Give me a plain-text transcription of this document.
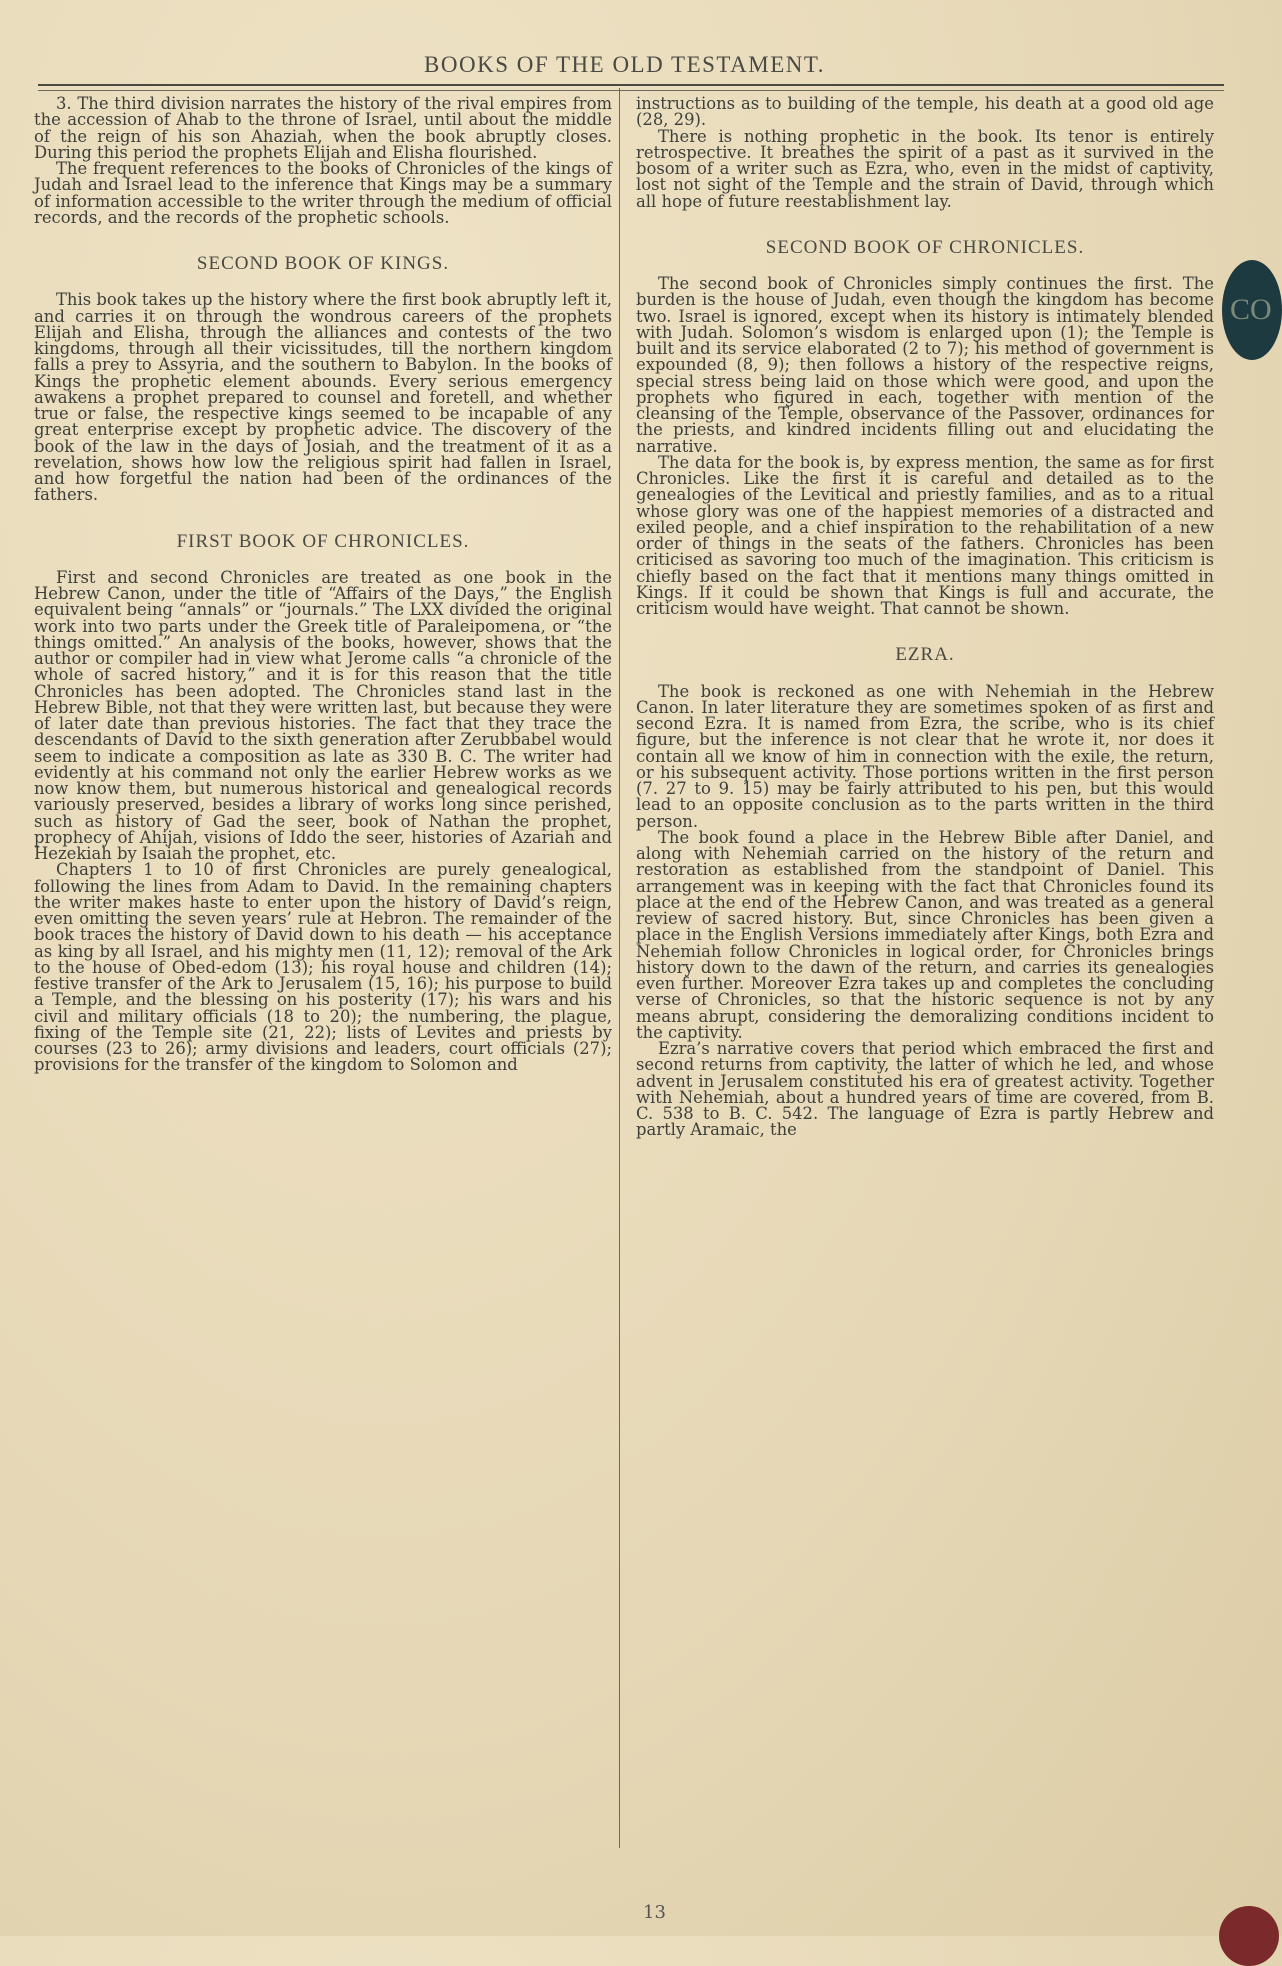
BOOKS OF THE OLD TESTAMENT.

3. The third division narrates the history of the rival empires from the accession of Ahab to the throne of Israel, until about the middle of the reign of his son Ahaziah, when the book abruptly closes. During this period the prophets Elijah and Elisha flourished.

The frequent references to the books of Chronicles of the kings of Judah and Israel lead to the inference that Kings may be a summary of information accessible to the writer through the medium of official records, and the records of the prophetic schools.

SECOND BOOK OF KINGS.

This book takes up the history where the first book abruptly left it, and carries it on through the wondrous careers of the prophets Elijah and Elisha, through the alliances and contests of the two kingdoms, through all their vicissitudes, till the northern kingdom falls a prey to Assyria, and the southern to Babylon. In the books of Kings the prophetic element abounds. Every serious emergency awakens a prophet prepared to counsel and foretell, and whether true or false, the respective kings seemed to be incapable of any great enterprise except by prophetic advice. The discovery of the book of the law in the days of Josiah, and the treatment of it as a revelation, shows how low the religious spirit had fallen in Israel, and how forgetful the nation had been of the ordinances of the fathers.

FIRST BOOK OF CHRONICLES.

First and second Chronicles are treated as one book in the Hebrew Canon, under the title of “Affairs of the Days,” the English equivalent being “annals” or “journals.” The LXX divided the original work into two parts under the Greek title of Paraleipomena, or “the things omitted.” An analysis of the books, however, shows that the author or compiler had in view what Jerome calls “a chronicle of the whole of sacred history,” and it is for this reason that the title Chronicles has been adopted. The Chronicles stand last in the Hebrew Bible, not that they were written last, but because they were of later date than previous histories. The fact that they trace the descendants of David to the sixth generation after Zerubbabel would seem to indicate a composition as late as 330 B. C. The writer had evidently at his command not only the earlier Hebrew works as we now know them, but numerous historical and genealogical records variously preserved, besides a library of works long since perished, such as history of Gad the seer, book of Nathan the prophet, prophecy of Ahijah, visions of Iddo the seer, histories of Azariah and Hezekiah by Isaiah the prophet, etc.

Chapters 1 to 10 of first Chronicles are purely genealogical, following the lines from Adam to David. In the remaining chapters the writer makes haste to enter upon the history of David’s reign, even omitting the seven years’ rule at Hebron. The remainder of the book traces the history of David down to his death — his acceptance as king by all Israel, and his mighty men (11, 12); removal of the Ark to the house of Obed-edom (13); his royal house and children (14); festive transfer of the Ark to Jerusalem (15, 16); his purpose to build a Temple, and the blessing on his posterity (17); his wars and his civil and military officials (18 to 20); the numbering, the plague, fixing of the Temple site (21, 22); lists of Levites and priests by courses (23 to 26); army divisions and leaders, court officials (27); provisions for the transfer of the kingdom to Solomon and

instructions as to building of the temple, his death at a good old age (28, 29).

There is nothing prophetic in the book. Its tenor is entirely retrospective. It breathes the spirit of a past as it survived in the bosom of a writer such as Ezra, who, even in the midst of captivity, lost not sight of the Temple and the strain of David, through which all hope of future reestablishment lay.

SECOND BOOK OF CHRONICLES.

The second book of Chronicles simply continues the first. The burden is the house of Judah, even though the kingdom has become two. Israel is ignored, except when its history is intimately blended with Judah. Solomon’s wisdom is enlarged upon (1); the Temple is built and its service elaborated (2 to 7); his method of government is expounded (8, 9); then follows a history of the respective reigns, special stress being laid on those which were good, and upon the prophets who figured in each, together with mention of the cleansing of the Temple, observance of the Passover, ordinances for the priests, and kindred incidents filling out and elucidating the narrative.

The data for the book is, by express mention, the same as for first Chronicles. Like the first it is careful and detailed as to the genealogies of the Levitical and priestly families, and as to a ritual whose glory was one of the happiest memories of a distracted and exiled people, and a chief inspiration to the rehabilitation of a new order of things in the seats of the fathers. Chronicles has been criticised as savoring too much of the imagination. This criticism is chiefly based on the fact that it mentions many things omitted in Kings. If it could be shown that Kings is full and accurate, the criticism would have weight. That cannot be shown.

EZRA.

The book is reckoned as one with Nehemiah in the Hebrew Canon. In later literature they are sometimes spoken of as first and second Ezra. It is named from Ezra, the scribe, who is its chief figure, but the inference is not clear that he wrote it, nor does it contain all we know of him in connection with the exile, the return, or his subsequent activity. Those portions written in the first person (7. 27 to 9. 15) may be fairly attributed to his pen, but this would lead to an opposite conclusion as to the parts written in the third person.

The book found a place in the Hebrew Bible after Daniel, and along with Nehemiah carried on the history of the return and restoration as established from the standpoint of Daniel. This arrangement was in keeping with the fact that Chronicles found its place at the end of the Hebrew Canon, and was treated as a general review of sacred history. But, since Chronicles has been given a place in the English Versions immediately after Kings, both Ezra and Nehemiah follow Chronicles in logical order, for Chronicles brings history down to the dawn of the return, and carries its genealogies even further. Moreover Ezra takes up and completes the concluding verse of Chronicles, so that the historic sequence is not by any means abrupt, considering the demoralizing conditions incident to the captivity.

Ezra’s narrative covers that period which embraced the first and second returns from captivity, the latter of which he led, and whose advent in Jerusalem constituted his era of greatest activity. Together with Nehemiah, about a hundred years of time are covered, from B. C. 538 to B. C. 542. The language of Ezra is partly Hebrew and partly Aramaic, the

CO
13
